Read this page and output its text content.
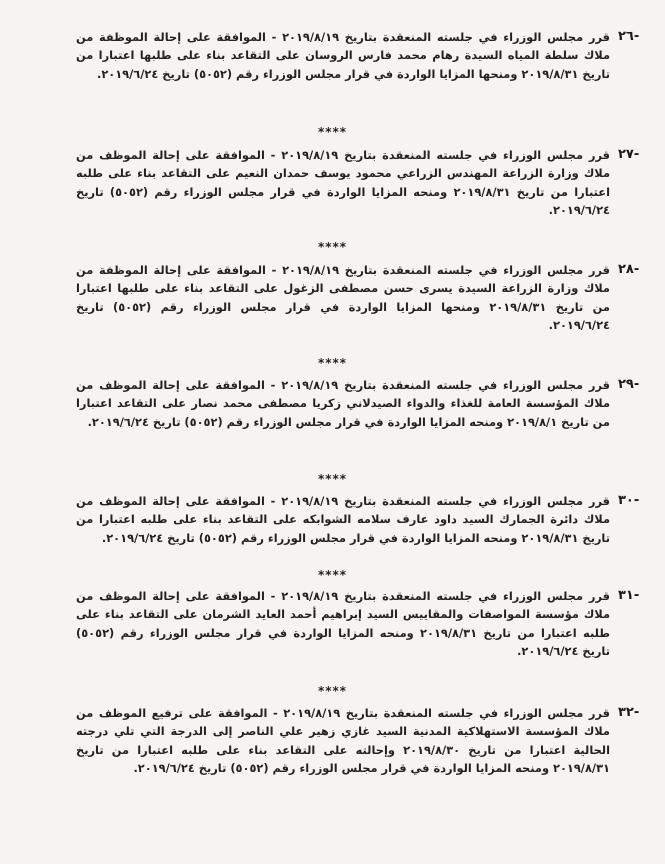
٢٦-
قرر مجلس الوزراء في جلسته المنعقدة بتاريخ ٢٠١٩/٨/١٩ - الموافقة على إحالة الموظفة من ملاك سلطة المياه السيدة رهام محمد فارس الروسان على التقاعد بناء على طلبها اعتبارا من تاريخ ٢٠١٩/٨/٣١ ومنحها المزايا الواردة في قرار مجلس الوزراء رقم (٥٠٥٢) تاريخ ٢٠١٩/٦/٢٤.
****
٢٧-
قرر مجلس الوزراء في جلسته المنعقدة بتاريخ ٢٠١٩/٨/١٩ - الموافقة على إحالة الموظف من ملاك وزارة الزراعة المهندس الزراعي محمود يوسف حمدان النعيم على التقاعد بناء على طلبه اعتبارا من تاريخ ٢٠١٩/٨/٣١ ومنحه المزايا الواردة في قرار مجلس الوزراء رقم (٥٠٥٢) تاريخ ٢٠١٩/٦/٢٤.
****
٢٨-
قرر مجلس الوزراء في جلسته المنعقدة بتاريخ ٢٠١٩/٨/١٩ - الموافقة على إحالة الموظفة من ملاك وزارة الزراعة السيدة يسرى حسن مصطفى الزغول على التقاعد بناء على طلبها اعتبارا من تاريخ ٢٠١٩/٨/٣١ ومنحها المزايا الواردة في قرار مجلس الوزراء رقم (٥٠٥٢) تاريخ ٢٠١٩/٦/٢٤.
****
٢٩-
قرر مجلس الوزراء في جلسته المنعقدة بتاريخ ٢٠١٩/٨/١٩ - الموافقة على إحالة الموظف من ملاك المؤسسة العامة للغذاء والدواء الصيدلاني زكريا مصطفى محمد نصار على التقاعد اعتبارا من تاريخ ٢٠١٩/٨/١ ومنحه المزايا الواردة في قرار مجلس الوزراء رقم (٥٠٥٢) تاريخ ٢٠١٩/٦/٢٤.
****
٣٠-
قرر مجلس الوزراء في جلسته المنعقدة بتاريخ ٢٠١٩/٨/١٩ - الموافقة على إحالة الموظف من ملاك دائرة الجمارك السيد داود عارف سلامه الشوابكه على التقاعد بناء على طلبه اعتبارا من تاريخ ٢٠١٩/٨/٣١ ومنحه المزايا الواردة في قرار مجلس الوزراء رقم (٥٠٥٢) تاريخ ٢٠١٩/٦/٢٤.
****
٣١-
قرر مجلس الوزراء في جلسته المنعقدة بتاريخ ٢٠١٩/٨/١٩ - الموافقة على إحالة الموظف من ملاك مؤسسة المواصفات والمقاييس السيد إبراهيم أحمد العايد الشرمان على التقاعد بناء على طلبه اعتبارا من تاريخ ٢٠١٩/٨/٣١ ومنحه المزايا الواردة في قرار مجلس الوزراء رقم (٥٠٥٢) تاريخ ٢٠١٩/٦/٢٤.
****
٣٢-
قرر مجلس الوزراء في جلسته المنعقدة بتاريخ ٢٠١٩/٨/١٩ - الموافقة على ترفيع الموظف من ملاك المؤسسة الاستهلاكية المدنية السيد غازي زهير علي الناصر إلى الدرجة التي تلي درجته الحالية اعتبارا من تاريخ ٢٠١٩/٨/٣٠ وإحالته على التقاعد بناء على طلبه اعتبارا من تاريخ ٢٠١٩/٨/٣١ ومنحه المزايا الواردة في قرار مجلس الوزراء رقم (٥٠٥٢) تاريخ ٢٠١٩/٦/٢٤.
